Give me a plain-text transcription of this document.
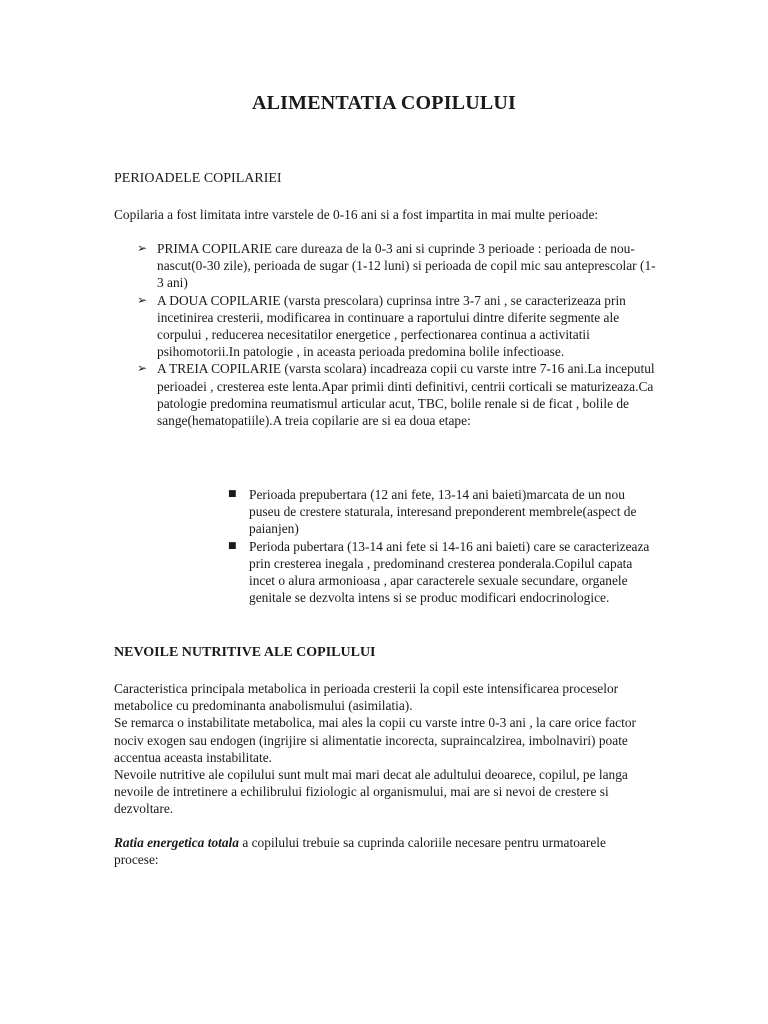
ALIMENTATIA COPILULUI
PERIOADELE COPILARIEI
Copilaria a fost limitata intre varstele de 0-16 ani si a fost impartita in mai multe perioade:
➢ PRIMA COPILARIE care dureaza de la 0-3 ani si cuprinde 3 perioade : perioada de nou-nascut(0-30 zile), perioada de sugar (1-12 luni) si perioada de copil mic sau anteprescolar (1-3 ani)
➢ A DOUA COPILARIE (varsta prescolara) cuprinsa intre 3-7 ani , se caracterizeaza prin incetinirea cresterii, modificarea in continuare a raportului dintre diferite segmente ale corpului , reducerea necesitatilor energetice , perfectionarea continua a activitatii psihomotorii.In patologie , in aceasta perioada predomina bolile infectioase.
➢ A TREIA COPILARIE (varsta scolara) incadreaza copii cu varste intre 7-16 ani.La inceputul perioadei , cresterea este lenta.Apar primii dinti definitivi, centrii corticali se maturizeaza.Ca patologie predomina reumatismul articular acut, TBC, bolile renale si de ficat , bolile de sange(hematopatiile).A treia copilarie are si ea doua etape:
■ Perioada prepubertara (12 ani fete, 13-14 ani baieti)marcata de un nou puseu de crestere staturala, interesand preponderent membrele(aspect de paianjen)
■ Perioda pubertara (13-14 ani fete si 14-16 ani baieti) care se caracterizeaza prin cresterea inegala , predominand cresterea ponderala.Copilul capata incet o alura armonioasa , apar caracterele sexuale secundare, organele genitale se dezvolta intens si se produc modificari endocrinologice.
NEVOILE NUTRITIVE ALE COPILULUI
Caracteristica principala metabolica in perioada cresterii la copil este intensificarea proceselor metabolice cu predominanta anabolismului (asimilatia).
Se remarca o instabilitate metabolica, mai ales la copii cu varste intre 0-3 ani , la care orice factor nociv exogen sau endogen (ingrijire si alimentatie incorecta, supraincalzirea, imbolnaviri) poate accentua aceasta instabilitate.
Nevoile nutritive ale copilului sunt mult mai mari decat ale adultului deoarece, copilul, pe langa nevoile de intretinere a echilibrului fiziologic al organismului, mai are si nevoi de crestere si dezvoltare.
Ratia energetica totala a copilului trebuie sa cuprinda caloriile necesare pentru urmatoarele procese:
